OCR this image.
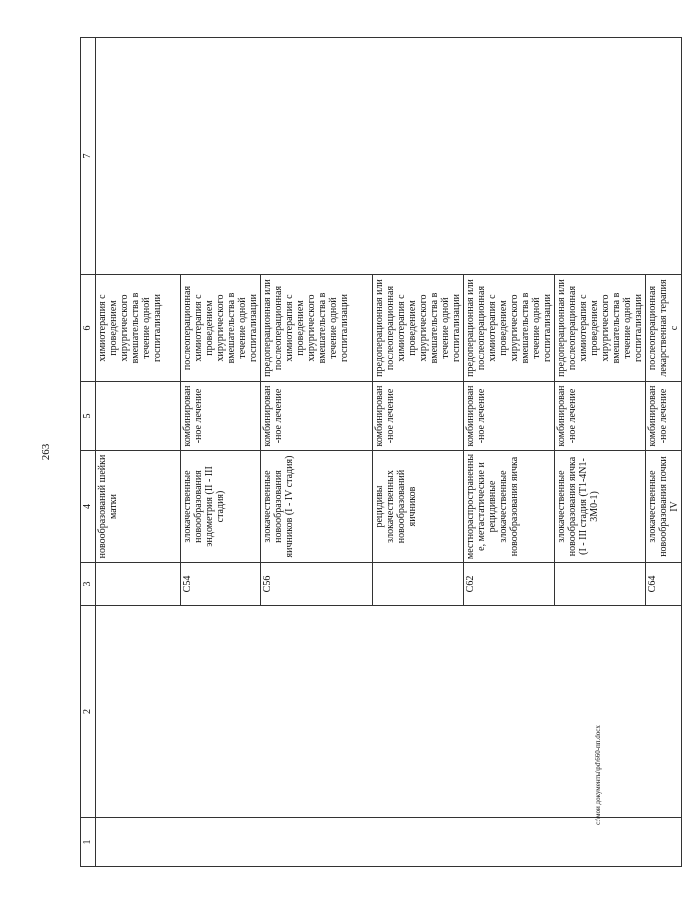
263
1	2	3	4	5	6	7
			новообразований шейки матки		химиотерапия с проведением хирургического вмешательства в течение одной госпитализации	
		C54	злокачественные новообразования эндометрия (II - III стадия)	комбинирован-ное лечение	послеоперационная химиотерапия с проведением хирургического вмешательства в течение одной госпитализации	
		C56	злокачественные новообразования яичников (I - IV стадия)	комбинирован-ное лечение	предоперационная или послеоперационная химиотерапия с проведением хирургического вмешательства в течение одной госпитализации	
			рецидивы злокачественных новообразований яичников	комбинирован-ное лечение	предоперационная или послеоперационная химиотерапия с проведением хирургического вмешательства в течение одной госпитализации	
		C62	местнораспространенные, метастатические и рецидивные злокачественные новообразования яичка	комбинирован-ное лечение	предоперационная или послеоперационная химиотерапия с проведением хирургического вмешательства в течение одной госпитализации	
			злокачественные новообразования яичка (I - III стадия (T1-4N1-3M0-1)	комбинирован-ное лечение	предоперационная или послеоперационная химиотерапия с проведением хирургического вмешательства в течение одной госпитализации	
		C64	злокачественные новообразования почки IV	комбинирован-ное лечение	послеоперационная лекарственная терапия с	
c:\мои документы\pd\660-пп.docx
